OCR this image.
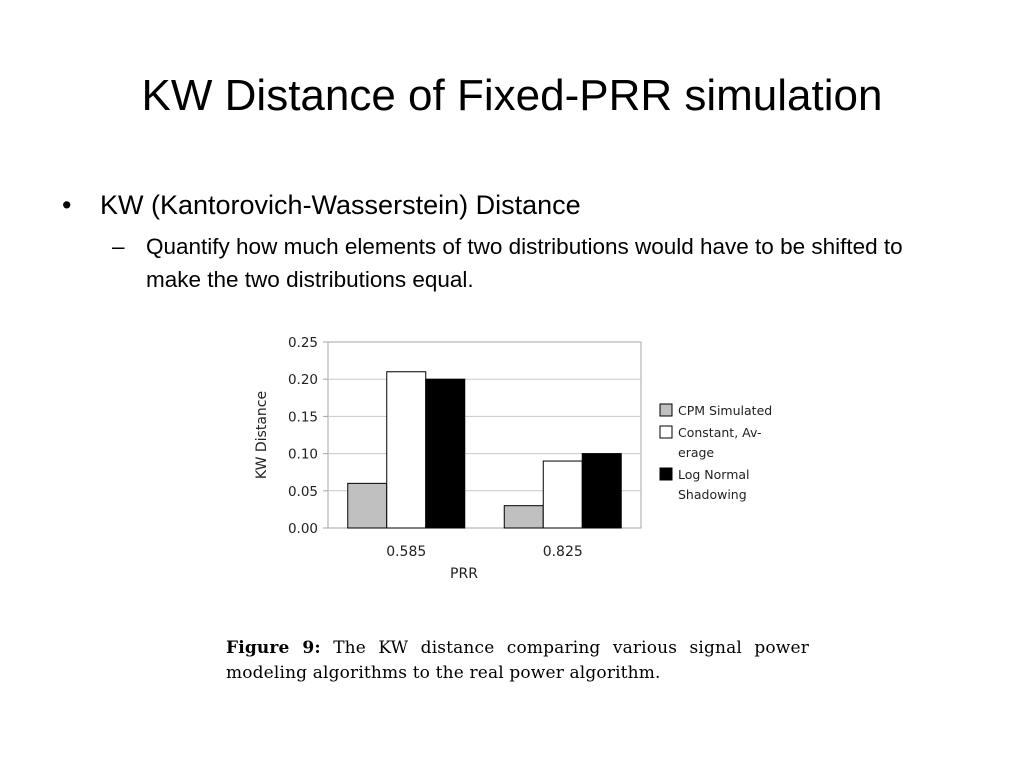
KW Distance of Fixed-PRR simulation
• KW (Kantorovich-Wasserstein) Distance
– Quantify how much elements of two distributions would have to be shifted to make the two distributions equal.
0.00
0.05
0.10
0.15
0.20
0.25
0.585	0.825
PRR
KW Distance	CPM Simulated
Constant, Av-
erage
Log Normal
Shadowing
Figure 9: The KW distance comparing various signal power modeling algorithms to the real power algorithm.
